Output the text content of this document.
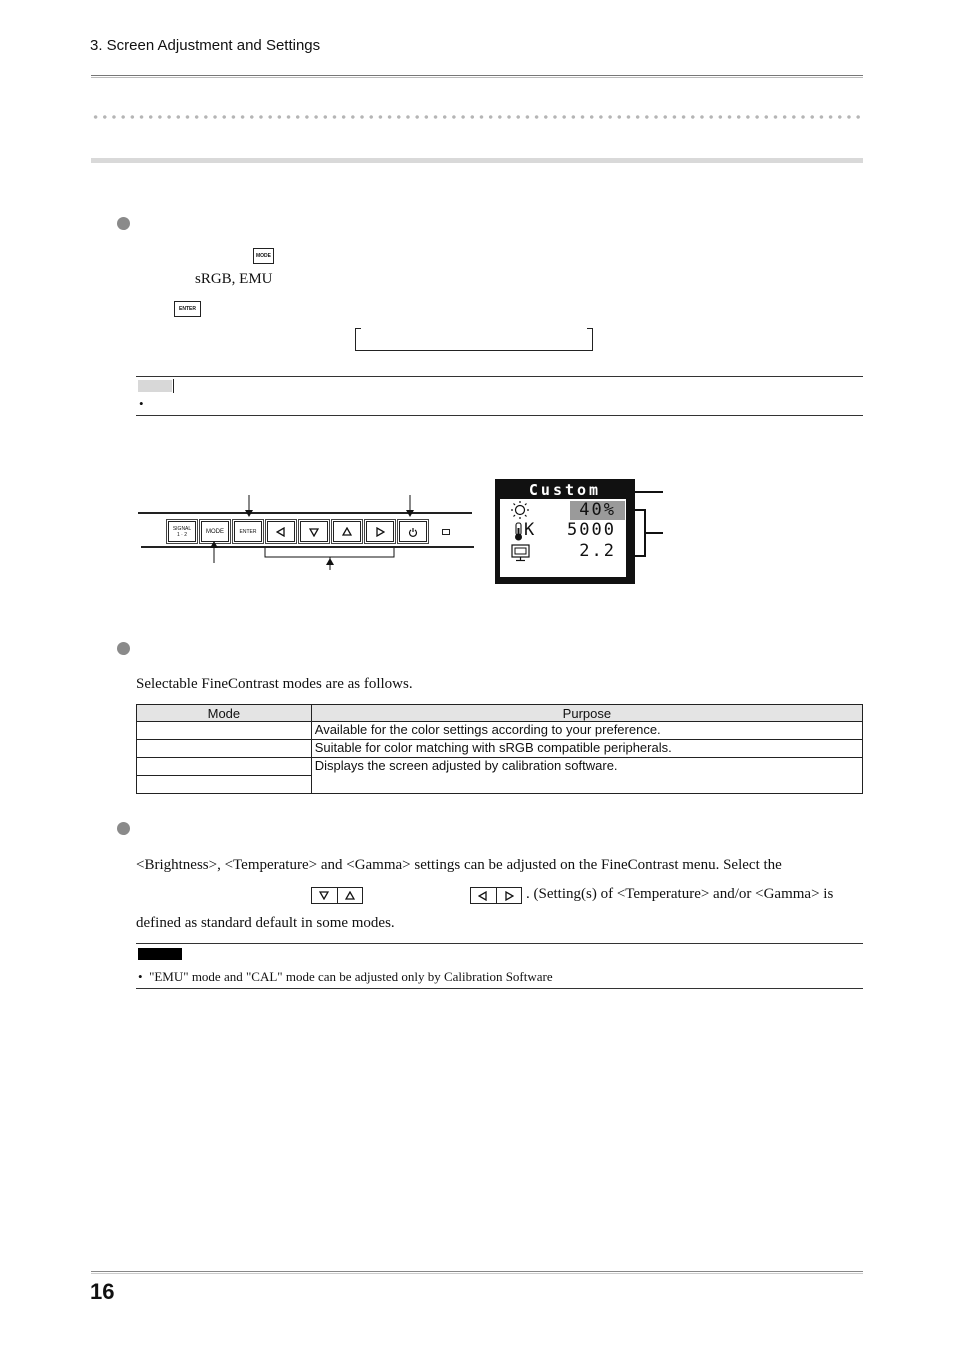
3. Screen Adjustment and Settings
MODE
sRGB, EMU
ENTER
•
SIGNAL 1 · 2	MODE	ENTER
Custom
40%
K 5000
2.2
Selectable FineContrast modes are as follows.
Mode	Purpose
	Available for the color settings according to your preference.
	Suitable for color matching with sRGB compatible peripherals.
	Displays the screen adjusted by calibration software.

<Brightness>, <Temperature> and <Gamma> settings can be adjusted on the FineContrast menu. Select the
. (Setting(s) of <Temperature> and/or <Gamma> is
defined as standard default in some modes.
•  "EMU" mode and "CAL" mode can be adjusted only by Calibration Software
16
